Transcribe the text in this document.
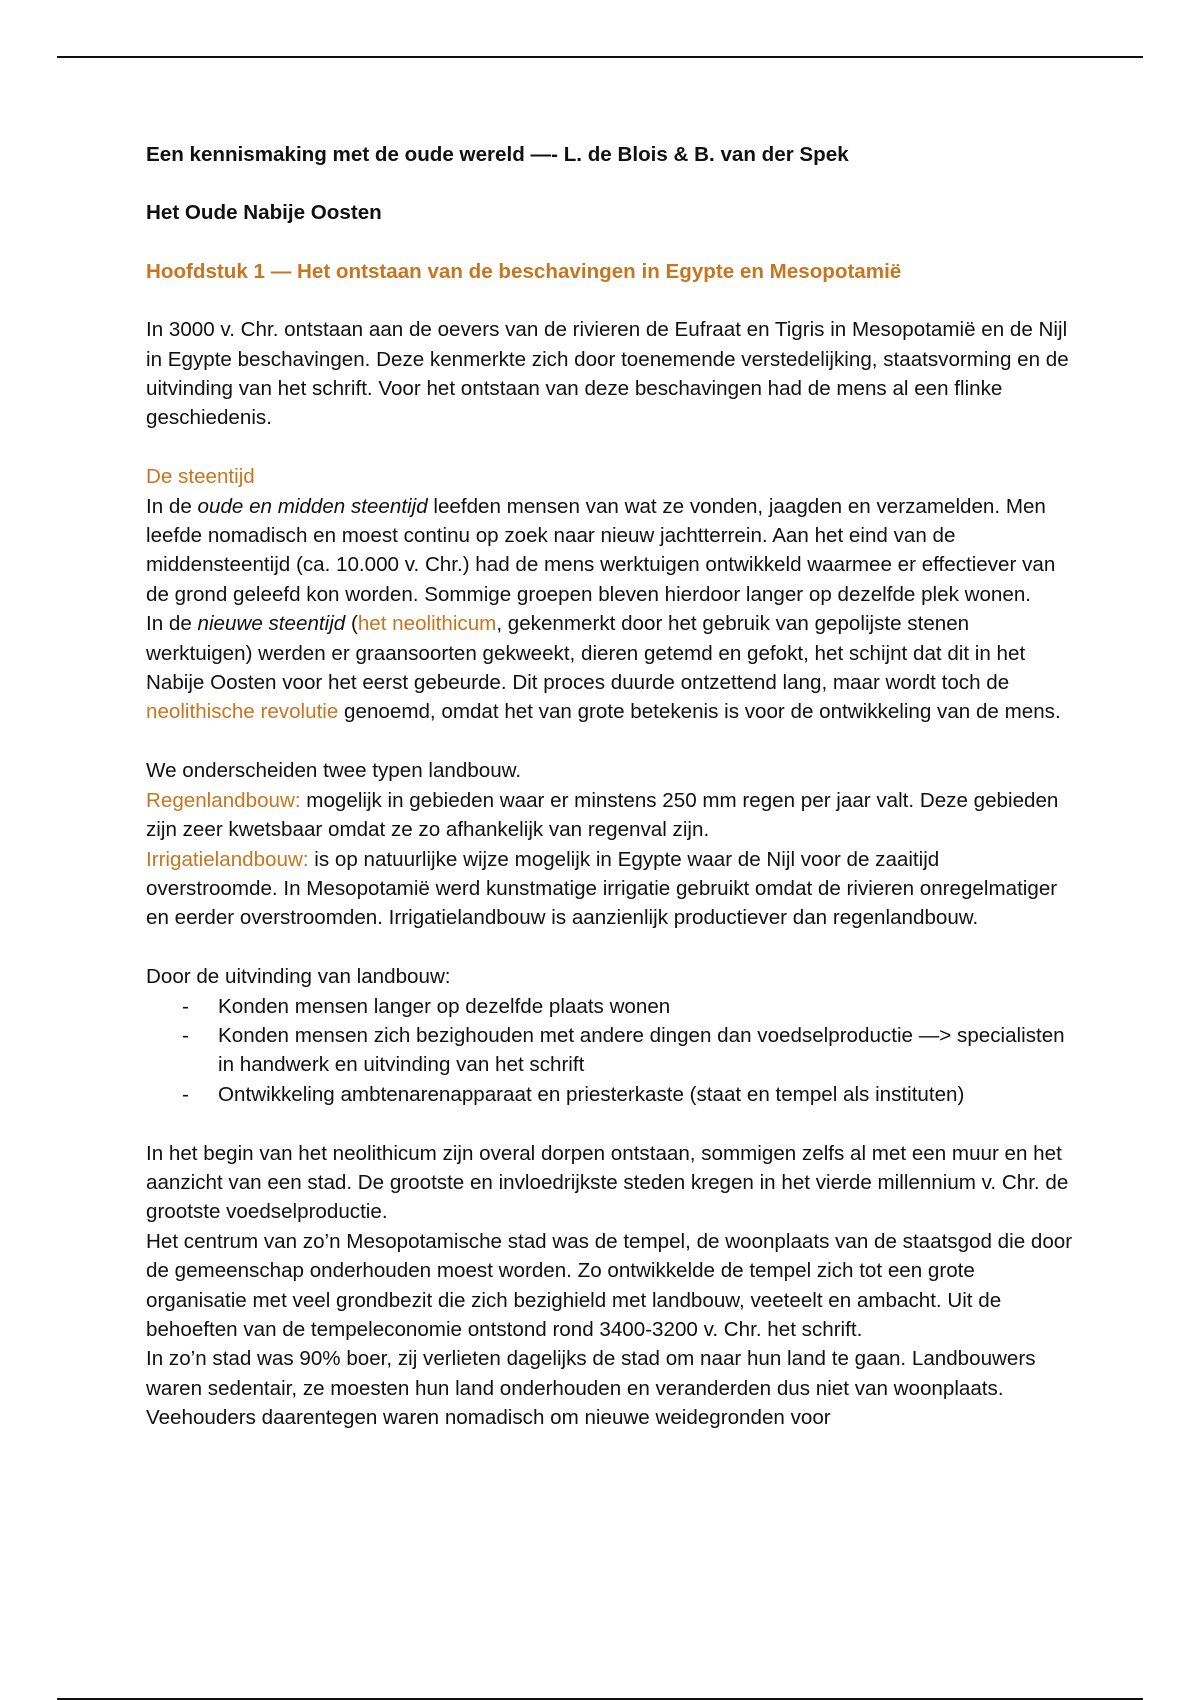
Een kennismaking met de oude wereld —- L. de Blois & B. van der Spek

Het Oude Nabije Oosten

Hoofdstuk 1 — Het ontstaan van de beschavingen in Egypte en Mesopotamië

In 3000 v. Chr. ontstaan aan de oevers van de rivieren de Eufraat en Tigris in Mesopotamië en de Nijl in Egypte beschavingen. Deze kenmerkte zich door toenemende verstedelijking, staatsvorming en de uitvinding van het schrift. Voor het ontstaan van deze beschavingen had de mens al een flinke geschiedenis.

De steentijd

In de oude en midden steentijd leefden mensen van wat ze vonden, jaagden en verzamelden. Men leefde nomadisch en moest continu op zoek naar nieuw jachtterrein. Aan het eind van de middensteentijd (ca. 10.000 v. Chr.) had de mens werktuigen ontwikkeld waarmee er effectiever van de grond geleefd kon worden. Sommige groepen bleven hierdoor langer op dezelfde plek wonen.

In de nieuwe steentijd (het neolithicum, gekenmerkt door het gebruik van gepolijste stenen werktuigen) werden er graansoorten gekweekt, dieren getemd en gefokt, het schijnt dat dit in het Nabije Oosten voor het eerst gebeurde. Dit proces duurde ontzettend lang, maar wordt toch de neolithische revolutie genoemd, omdat het van grote betekenis is voor de ontwikkeling van de mens.

We onderscheiden twee typen landbouw.

Regenlandbouw: mogelijk in gebieden waar er minstens 250 mm regen per jaar valt. Deze gebieden zijn zeer kwetsbaar omdat ze zo afhankelijk van regenval zijn.

Irrigatielandbouw: is op natuurlijke wijze mogelijk in Egypte waar de Nijl voor de zaaitijd overstroomde. In Mesopotamië werd kunstmatige irrigatie gebruikt omdat de rivieren onregelmatiger en eerder overstroomden. Irrigatielandbouw is aanzienlijk productiever dan regenlandbouw.

Door de uitvinding van landbouw:

- Konden mensen langer op dezelfde plaats wonen
- Konden mensen zich bezighouden met andere dingen dan voedselproductie —> specialisten in handwerk en uitvinding van het schrift
- Ontwikkeling ambtenarenapparaat en priesterkaste (staat en tempel als instituten)

In het begin van het neolithicum zijn overal dorpen ontstaan, sommigen zelfs al met een muur en het aanzicht van een stad. De grootste en invloedrijkste steden kregen in het vierde millennium v. Chr. de grootste voedselproductie.

Het centrum van zo’n Mesopotamische stad was de tempel, de woonplaats van de staatsgod die door de gemeenschap onderhouden moest worden. Zo ontwikkelde de tempel zich tot een grote organisatie met veel grondbezit die zich bezighield met landbouw, veeteelt en ambacht. Uit de behoeften van de tempeleconomie ontstond rond 3400-3200 v. Chr. het schrift.

In zo’n stad was 90% boer, zij verlieten dagelijks de stad om naar hun land te gaan. Landbouwers waren sedentair, ze moesten hun land onderhouden en veranderden dus niet van woonplaats. Veehouders daarentegen waren nomadisch om nieuwe weidegronden voor
